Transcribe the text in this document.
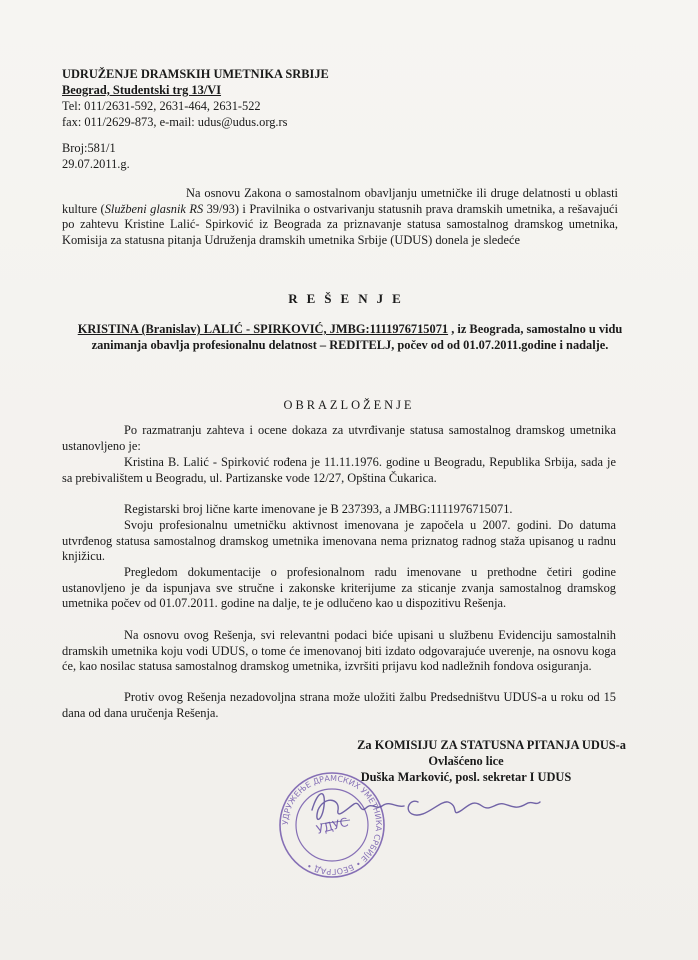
UDRUŽENJE DRAMSKIH UMETNIKA SRBIJE
Beograd, Studentski trg 13/VI
Tel: 011/2631-592, 2631-464, 2631-522
fax: 011/2629-873, e-mail: udus@udus.org.rs
Broj:581/1
29.07.2011.g.
Na osnovu Zakona o samostalnom obavljanju umetničke ili druge delatnosti u oblasti kulture (Službeni glasnik RS 39/93) i Pravilnika o ostvarivanju statusnih prava dramskih umetnika, a rešavajući po zahtevu Kristine Lalić- Spirković iz Beograda za priznavanje statusa samostalnog dramskog umetnika, Komisija za statusna pitanja Udruženja dramskih umetnika Srbije (UDUS) donela je sledeće
REŠENJE
KRISTINA (Branislav) LALIĆ - SPIRKOVIĆ, JMBG:1111976715071 , iz Beograda, samostalno u vidu zanimanja obavlja profesionalnu delatnost – REDITELJ, počev od od 01.07.2011.godine i nadalje.
OBRAZLOŽENJE
Po razmatranju zahteva i ocene dokaza za utvrđivanje statusa samostalnog dramskog umetnika ustanovljeno je:
Kristina B. Lalić - Spirković rođena je 11.11.1976. godine u Beogradu, Republika Srbija, sada je sa prebivalištem u Beogradu, ul. Partizanske vode 12/27, Opština Čukarica.
Registarski broj lične karte imenovane je B 237393, a JMBG:1111976715071.
Svoju profesionalnu umetničku aktivnost imenovana je započela u 2007. godini. Do datuma utvrđenog statusa samostalnog dramskog umetnika imenovana nema priznatog radnog staža upisanog u radnu knjižicu.
Pregledom dokumentacije o profesionalnom radu imenovane u prethodne četiri godine ustanovljeno je da ispunjava sve stručne i zakonske kriterijume za sticanje zvanja samostalnog dramskog umetnika počev od 01.07.2011. godine na dalje, te je odlučeno kao u dispozitivu Rešenja.
Na osnovu ovog Rešenja, svi relevantni podaci biće upisani u službenu Evidenciju samostalnih dramskih umetnika koju vodi UDUS, o tome će imenovanoj biti izdato odgovarajuće uverenje, na osnovu koga će, kao nosilac statusa samostalnog dramskog umetnika, izvršiti prijavu kod nadležnih fondova osiguranja.
Protiv ovog Rešenja nezadovoljna strana može uložiti žalbu Predsedništvu UDUS-a u roku od 15 dana od dana uručenja Rešenja.
Za KOMISIJU ZA STATUSNA PITANJA UDUS-a
Ovlašćeno lice
Duška Marković, posl. sekretar I UDUS
УДРУЖЕЊЕ ДРАМСКИХ УМЕТНИКА СРБИЈЕ • БЕОГРАД •
УДУС
